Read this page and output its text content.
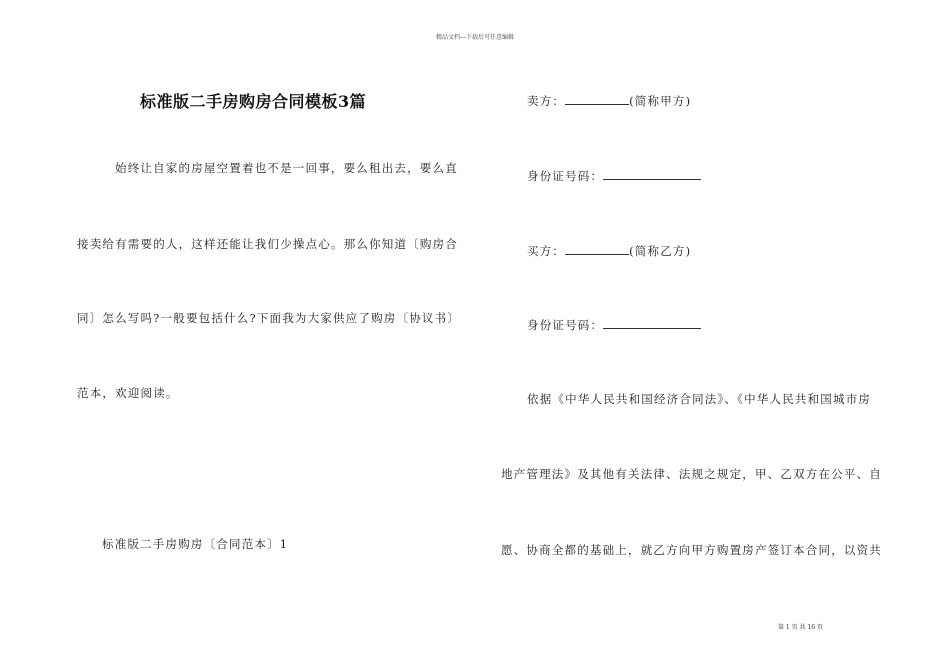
精品文档---下载后可任意编辑
标准版二手房购房合同模板3篇
始终让自家的房屋空置着也不是一回事，要么租出去，要么直
接卖给有需要的人，这样还能让我们少操点心。那么你知道〔购房合
同〕怎么写吗?一般要包括什么?下面我为大家供应了购房〔协议书〕
范本，欢迎阅读。
标准版二手房购房〔合同范本〕1
卖方：	(简称甲方)
身份证号码：
买方：	(简称乙方)
身份证号码：
依据《中华人民共和国经济合同法》、《中华人民共和国城市房
地产管理法》及其他有关法律、法规之规定，甲、乙双方在公平、自
愿、协商全都的基础上，就乙方向甲方购置房产签订本合同，以资共
第 1 页 共 16 页
